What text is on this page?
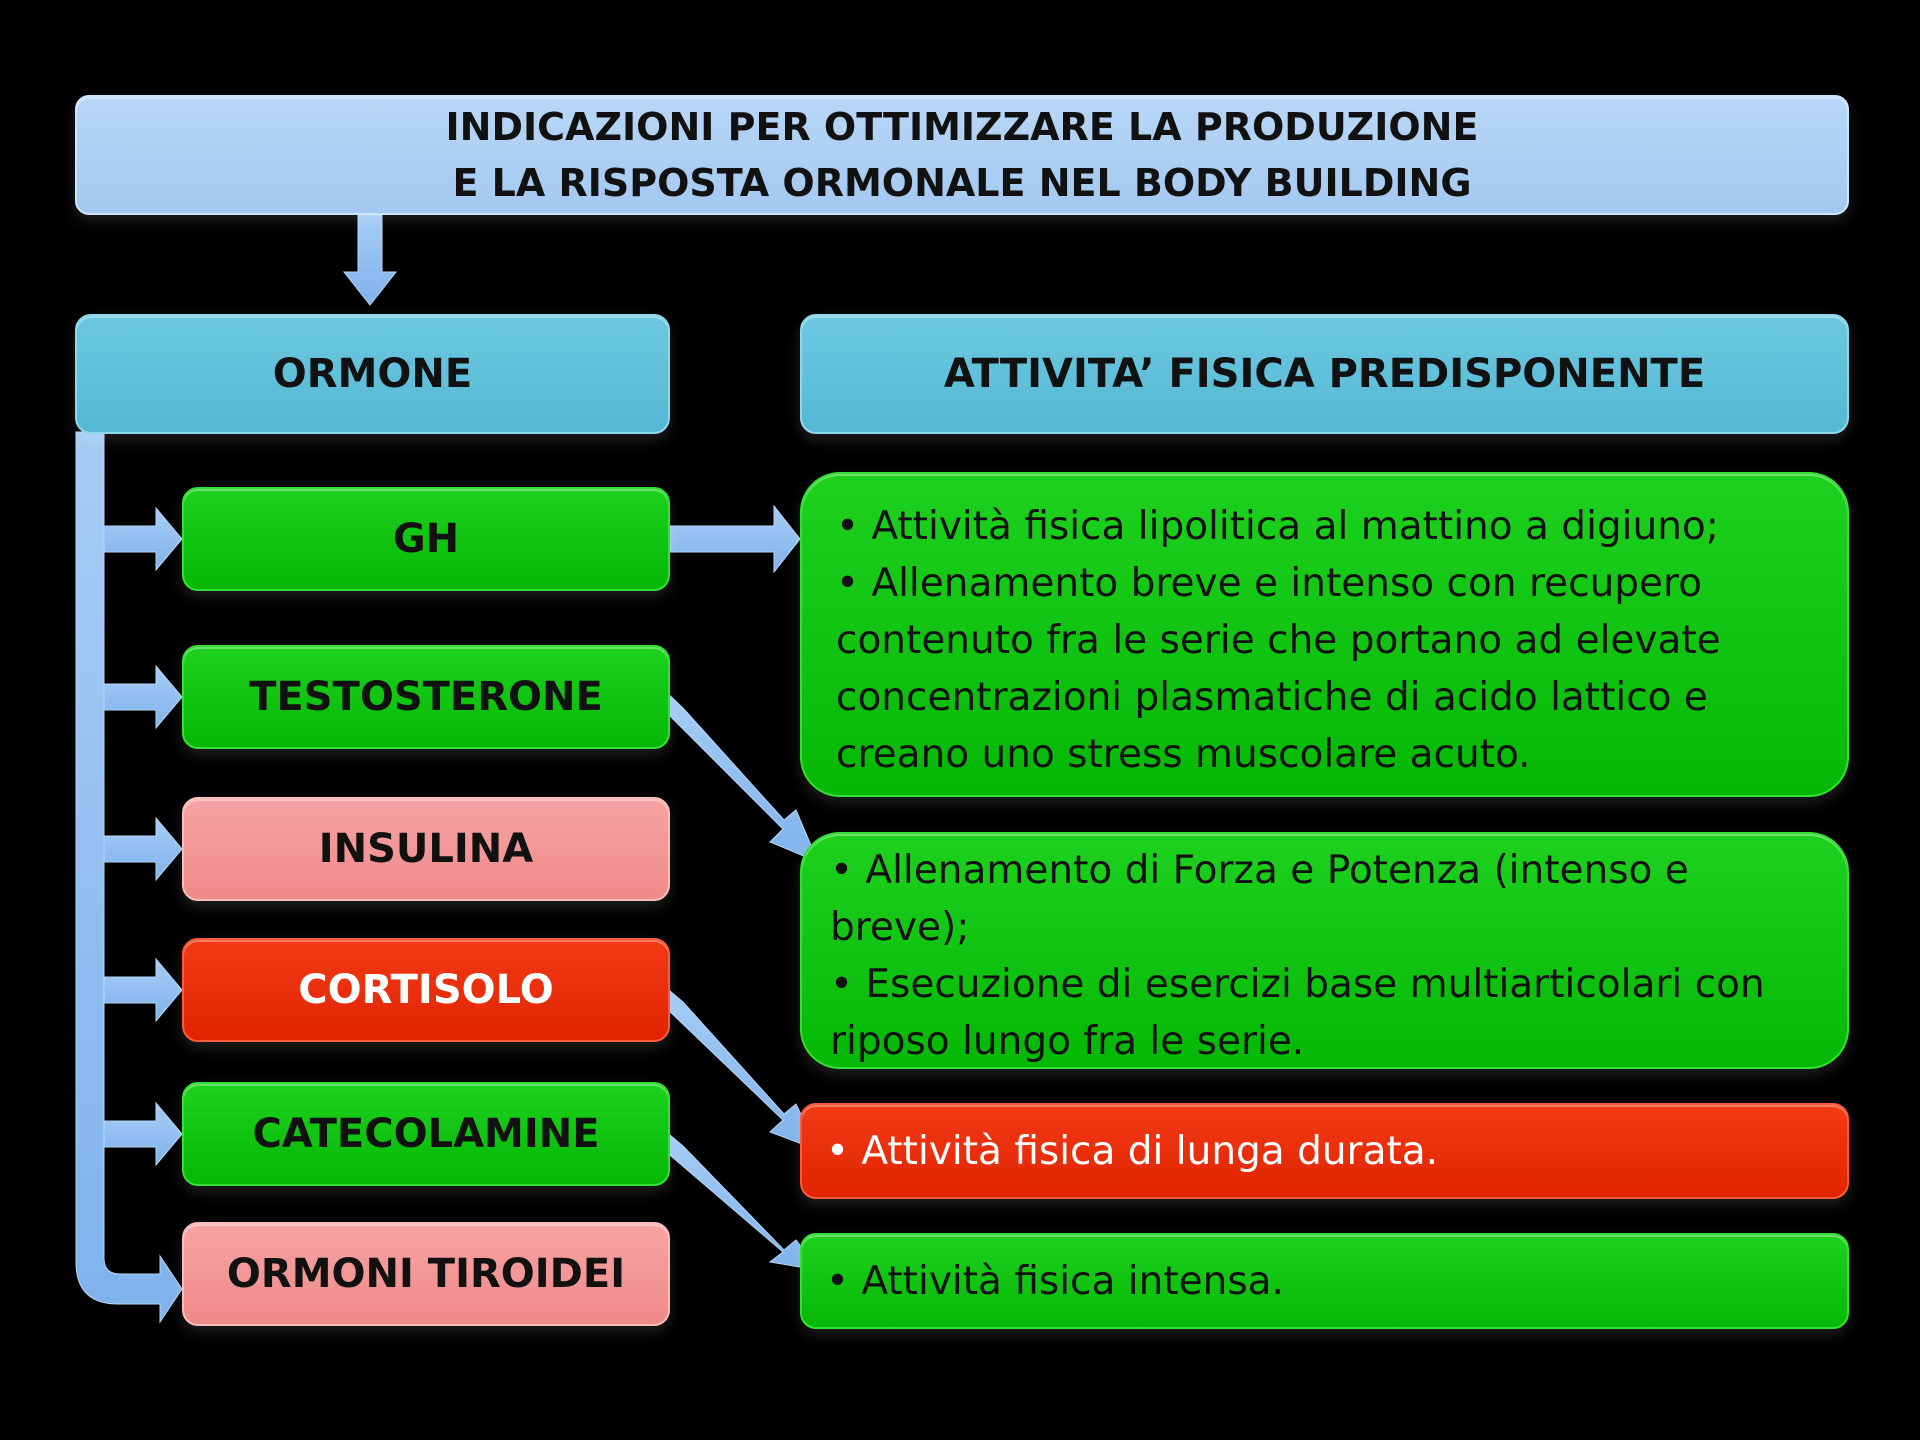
INDICAZIONI PER OTTIMIZZARE LA PRODUZIONE
E LA RISPOSTA ORMONALE NEL BODY BUILDING
ORMONE	ATTIVITA’ FISICA PREDISPONENTE
GH
TESTOSTERONE
INSULINA
CORTISOLO
CATECOLAMINE
ORMONI TIROIDEI
• Attività fisica lipolitica al mattino a digiuno;
• Allenamento breve e intenso con recupero
contenuto fra le serie che portano ad elevate
concentrazioni plasmatiche di acido lattico e
creano uno stress muscolare acuto.
• Allenamento di Forza e Potenza (intenso e
breve);
• Esecuzione di esercizi base multiarticolari con
riposo lungo fra le serie.
• Attività fisica di lunga durata.
• Attività fisica intensa.
